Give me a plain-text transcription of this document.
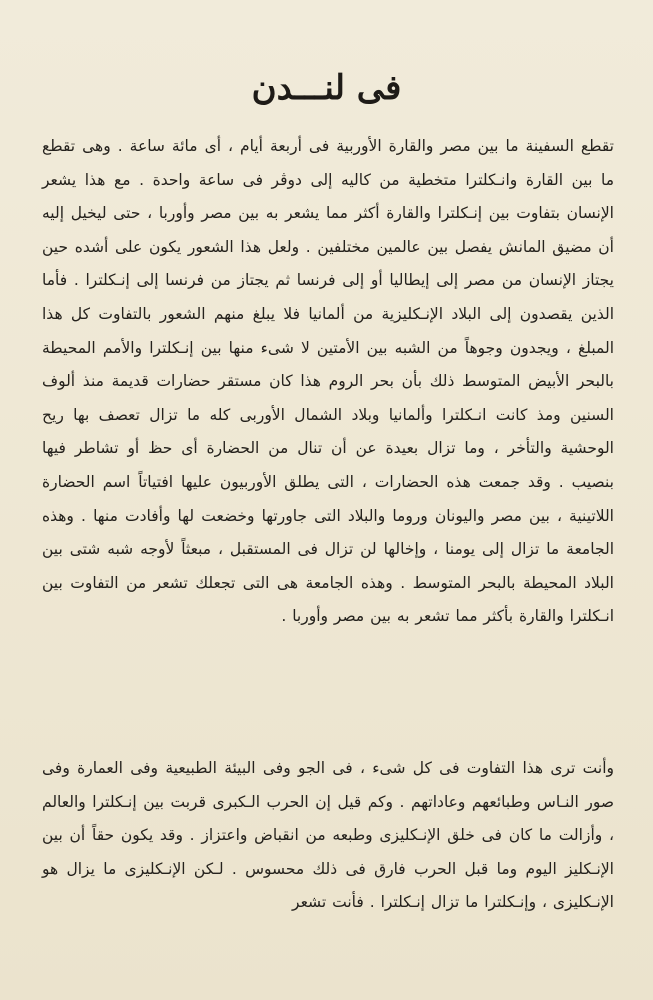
فى لنـــدن

تقطع السفينة ما بين مصر والقارة الأوربية فى أربعة أيام ، أى مائة ساعة . وهى تقطع ما بين القارة وانـكلترا متخطية من كاليه إلى دوڤر فى ساعة واحدة . مع هذا يشعر الإنسان بتفاوت بين إنـكلترا والقارة أكثر مما يشعر به بين مصر وأوربا ، حتى ليخيل إليه أن مضيق المانش يفصل بين عالمين مختلفين . ولعل هذا الشعور يكون على أشده حين يجتاز الإنسان من مصر إلى إيطاليا أو إلى فرنسا ثم يجتاز من فرنسا إلى إنـكلترا . فأما الذين يقصدون إلى البلاد الإنـكليزية من ألمانيا فلا يبلغ منهم الشعور بالتفاوت كل هذا المبلغ ، ويجدون وجوهاً من الشبه بين الأمتين لا شىء منها بين إنـكلترا والأمم المحيطة بالبحر الأبيض المتوسط ذلك بأن بحر الروم هذا كان مستقر حضارات قديمة منذ ألوف السنين ومذ كانت انـكلترا وألمانيا وبلاد الشمال الأوربى كله ما تزال تعصف بها ريح الوحشية والتأخر ، وما تزال بعيدة عن أن تنال من الحضارة أى حظ أو تشاطر فيها بنصيب . وقد جمعت هذه الحضارات ، التى يطلق الأوربيون عليها افتياتاً اسم الحضارة اللاتينية ، بين مصر واليونان وروما والبلاد التى جاورتها وخضعت لها وأفادت منها . وهذه الجامعة ما تزال إلى يومنا ، وإخالها لن تزال فى المستقبل ، مبعثاً لأوجه شبه شتى بين البلاد المحيطة بالبحر المتوسط . وهذه الجامعة هى التى تجعلك تشعر من التفاوت بين انـكلترا والقارة بأكثر مما تشعر به بين مصر وأوربا .

وأنت ترى هذا التفاوت فى كل شىء ، فى الجو وفى البيئة الطبيعية وفى العمارة وفى صور النـاس وطبائعهم وعاداتهم . وكم قيل إن الحرب الـكبرى قربت بين إنـكلترا والعالم ، وأزالت ما كان فى خلق الإنـكليزى وطبعه من انقباض واعتزاز . وقد يكون حقاً أن بين الإنـكليز اليوم وما قبل الحرب فارق فى ذلك محسوس . لـكن الإنـكليزى ما يزال هو الإنـكليزى ، وإنـكلترا ما تزال إنـكلترا . فأنت تشعر
